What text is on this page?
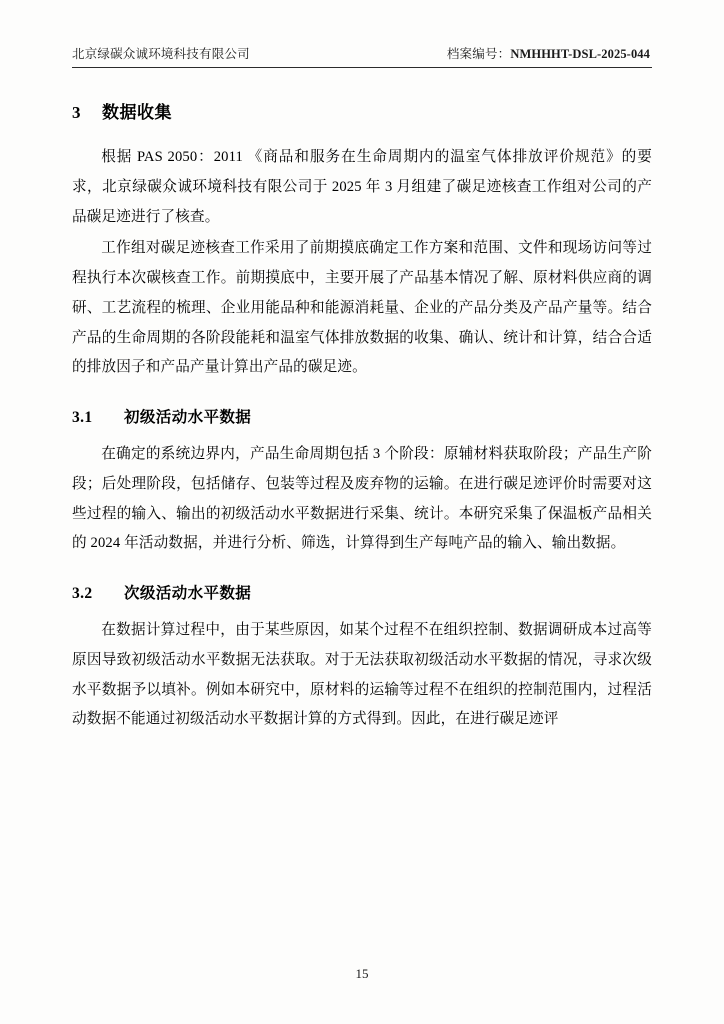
北京绿碳众诚环境科技有限公司	档案编号：NMHHHT-DSL-2025-044
3	数据收集

根据 PAS 2050：2011 《商品和服务在生命周期内的温室气体排放评价规范》的要求，北京绿碳众诚环境科技有限公司于 2025 年 3 月组建了碳足迹核查工作组对公司的产品碳足迹进行了核查。

工作组对碳足迹核查工作采用了前期摸底确定工作方案和范围、文件和现场访问等过程执行本次碳核查工作。前期摸底中，主要开展了产品基本情况了解、原材料供应商的调研、工艺流程的梳理、企业用能品种和能源消耗量、企业的产品分类及产品产量等。结合产品的生命周期的各阶段能耗和温室气体排放数据的收集、确认、统计和计算，结合合适的排放因子和产品产量计算出产品的碳足迹。

3.1	初级活动水平数据

在确定的系统边界内，产品生命周期包括 3 个阶段：原辅材料获取阶段；产品生产阶段；后处理阶段，包括储存、包装等过程及废弃物的运输。在进行碳足迹评价时需要对这些过程的输入、输出的初级活动水平数据进行采集、统计。本研究采集了保温板产品相关的 2024 年活动数据，并进行分析、筛选，计算得到生产每吨产品的输入、输出数据。

3.2	次级活动水平数据

在数据计算过程中，由于某些原因，如某个过程不在组织控制、数据调研成本过高等原因导致初级活动水平数据无法获取。对于无法获取初级活动水平数据的情况，寻求次级水平数据予以填补。例如本研究中，原材料的运输等过程不在组织的控制范围内，过程活动数据不能通过初级活动水平数据计算的方式得到。因此，在进行碳足迹评

15
